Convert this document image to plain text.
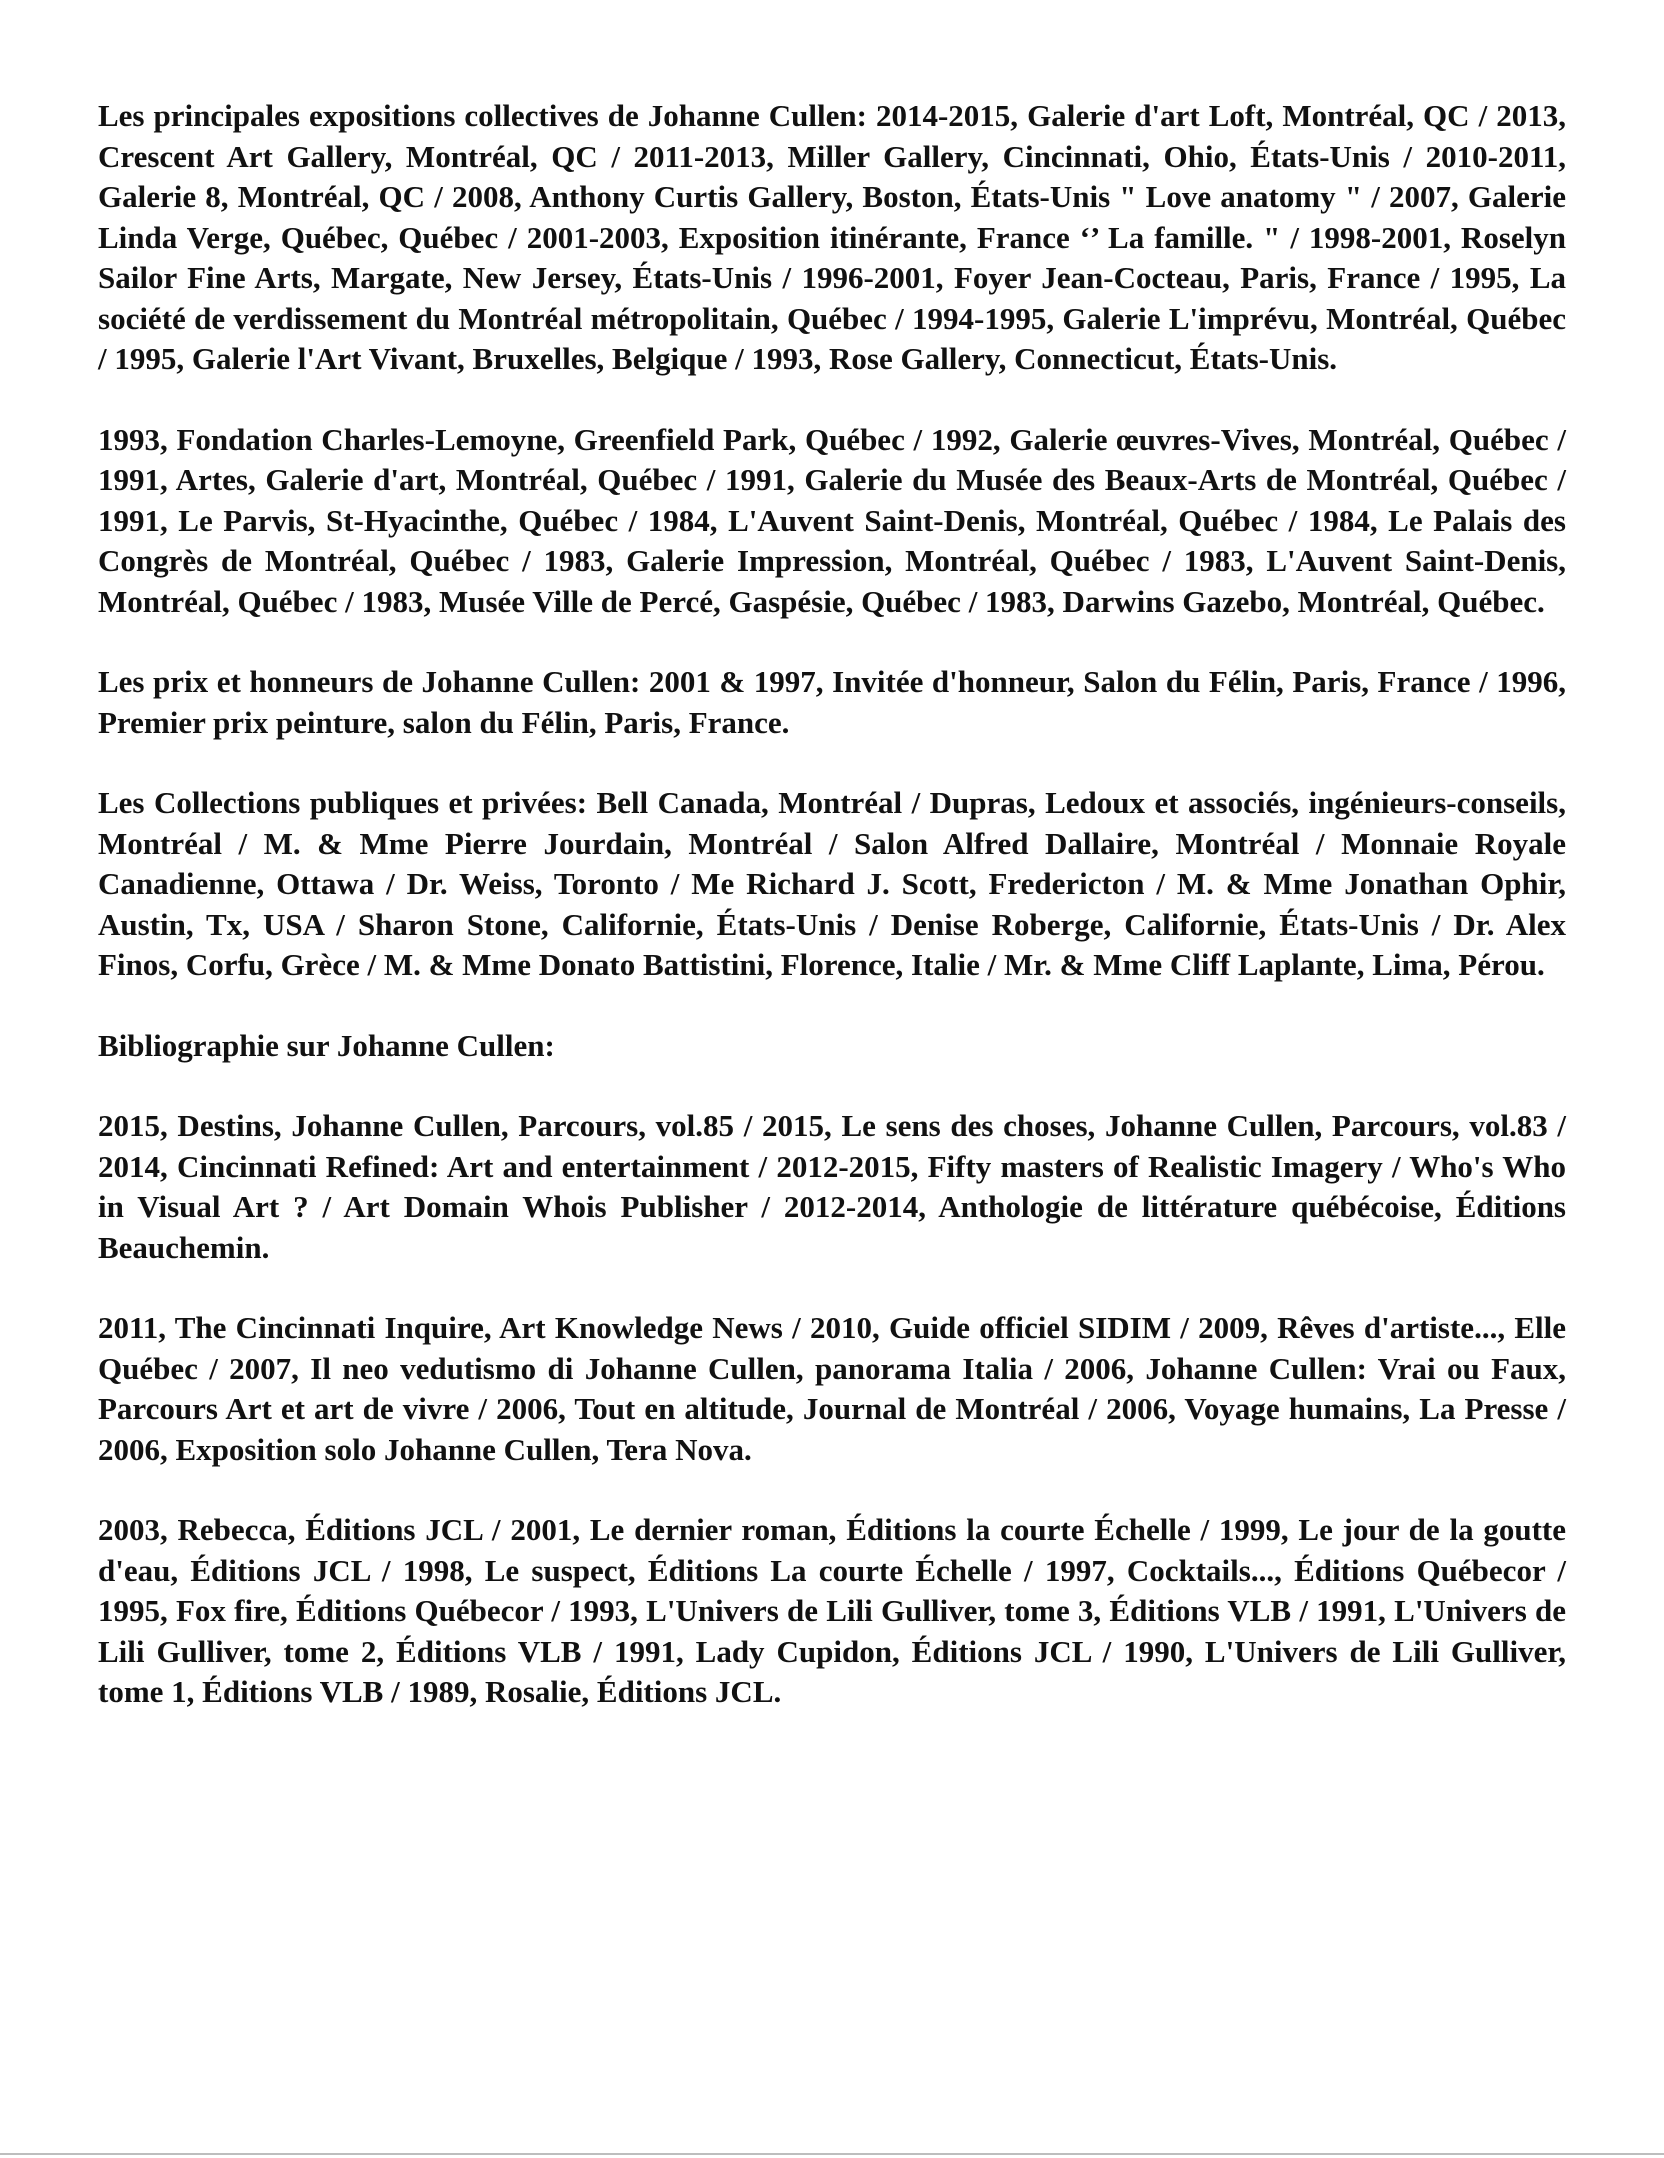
Les principales expositions collectives de Johanne Cullen: 2014-2015, Galerie d'art Loft, Montréal, QC / 2013, Crescent Art Gallery, Montréal, QC / 2011-2013, Miller Gallery, Cincinnati, Ohio, États-Unis / 2010-2011, Galerie 8, Montréal, QC / 2008, Anthony Curtis Gallery, Boston, États-Unis " Love anatomy " / 2007, Galerie Linda Verge, Québec, Québec / 2001-2003, Exposition itinérante, France ‘’ La famille. " / 1998-2001, Roselyn Sailor Fine Arts, Margate, New Jersey, États-Unis / 1996-2001, Foyer Jean-Cocteau, Paris, France / 1995, La société de verdissement du Montréal métropolitain, Québec / 1994-1995, Galerie L'imprévu, Montréal, Québec / 1995, Galerie l'Art Vivant, Bruxelles, Belgique / 1993, Rose Gallery, Connecticut, États-Unis.

1993, Fondation Charles-Lemoyne, Greenfield Park, Québec / 1992, Galerie œuvres-Vives, Montréal, Québec / 1991, Artes, Galerie d'art, Montréal, Québec / 1991, Galerie du Musée des Beaux-Arts de Montréal, Québec / 1991, Le Parvis, St-Hyacinthe, Québec / 1984, L'Auvent Saint-Denis, Montréal, Québec / 1984, Le Palais des Congrès de Montréal, Québec / 1983, Galerie Impression, Montréal, Québec / 1983, L'Auvent Saint-Denis, Montréal, Québec / 1983, Musée Ville de Percé, Gaspésie, Québec / 1983, Darwins Gazebo, Montréal, Québec.

Les prix et honneurs de Johanne Cullen: 2001 & 1997, Invitée d'honneur, Salon du Félin, Paris, France / 1996, Premier prix peinture, salon du Félin, Paris, France.

Les Collections publiques et privées: Bell Canada, Montréal / Dupras, Ledoux et associés, ingénieurs-conseils, Montréal / M. & Mme Pierre Jourdain, Montréal / Salon Alfred Dallaire, Montréal / Monnaie Royale Canadienne, Ottawa / Dr. Weiss, Toronto / Me Richard J. Scott, Fredericton / M. & Mme Jonathan Ophir, Austin, Tx, USA / Sharon Stone, Californie, États-Unis / Denise Roberge, Californie, États-Unis / Dr. Alex Finos, Corfu, Grèce / M. & Mme Donato Battistini, Florence, Italie / Mr. & Mme Cliff Laplante, Lima, Pérou.

Bibliographie sur Johanne Cullen:

2015, Destins, Johanne Cullen, Parcours, vol.85 / 2015, Le sens des choses, Johanne Cullen, Parcours, vol.83 / 2014, Cincinnati Refined: Art and entertainment / 2012-2015, Fifty masters of Realistic Imagery / Who's Who in Visual Art ? / Art Domain Whois Publisher / 2012-2014, Anthologie de littérature québécoise, Éditions Beauchemin.

2011, The Cincinnati Inquire, Art Knowledge News / 2010, Guide officiel SIDIM / 2009, Rêves d'artiste..., Elle Québec / 2007, Il neo vedutismo di Johanne Cullen, panorama Italia / 2006, Johanne Cullen: Vrai ou Faux, Parcours Art et art de vivre / 2006, Tout en altitude, Journal de Montréal / 2006, Voyage humains, La Presse / 2006, Exposition solo Johanne Cullen, Tera Nova.

2003, Rebecca, Éditions JCL / 2001, Le dernier roman, Éditions la courte Échelle / 1999, Le jour de la goutte d'eau, Éditions JCL / 1998, Le suspect, Éditions La courte Échelle / 1997, Cocktails..., Éditions Québecor / 1995, Fox fire, Éditions Québecor / 1993, L'Univers de Lili Gulliver, tome 3, Éditions VLB / 1991, L'Univers de Lili Gulliver, tome 2, Éditions VLB / 1991, Lady Cupidon, Éditions JCL / 1990, L'Univers de Lili Gulliver, tome 1, Éditions VLB / 1989, Rosalie, Éditions JCL.
